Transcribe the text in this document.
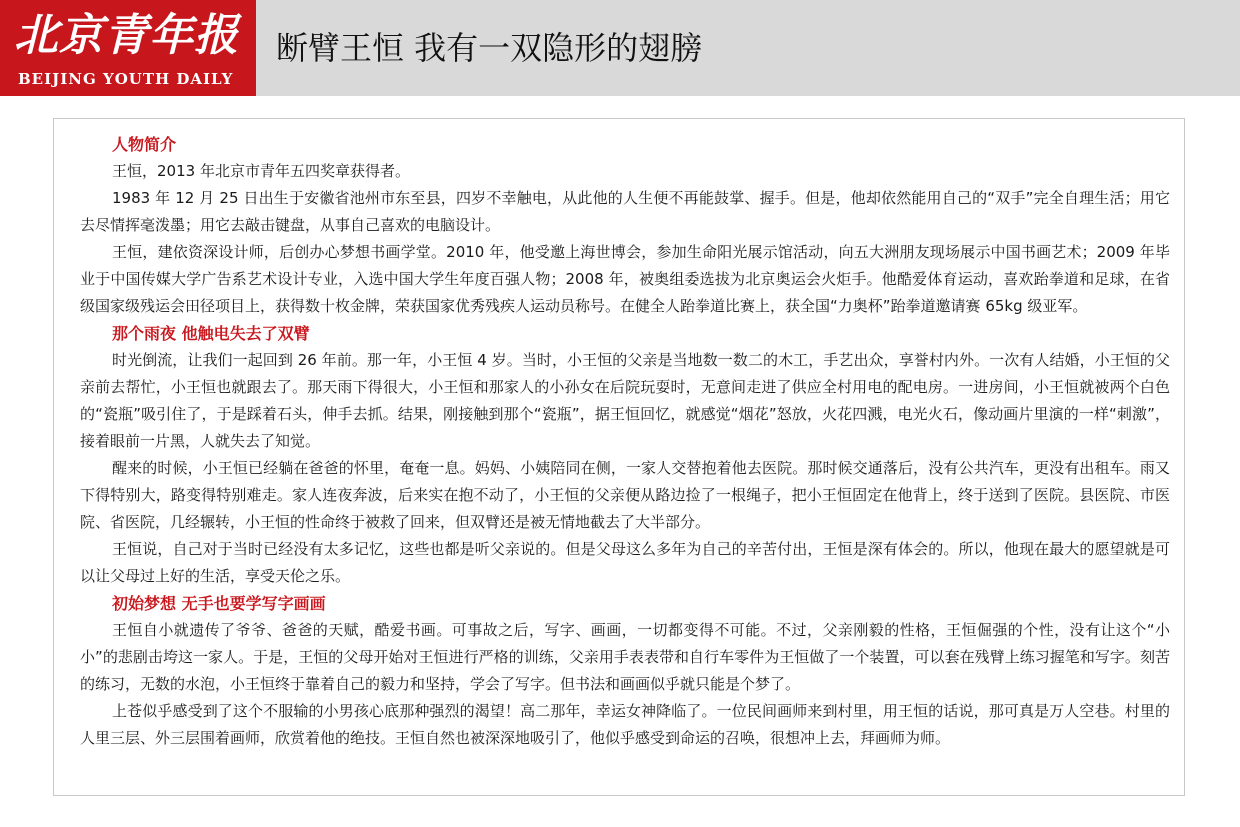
北京青年报
BEIJING YOUTH DAILY
断臂王恒 我有一双隐形的翅膀
人物简介

王恒，2013 年北京市青年五四奖章获得者。

1983 年 12 月 25 日出生于安徽省池州市东至县，四岁不幸触电，从此他的人生便不再能鼓掌、握手。但是，他却依然能用自己的“双手”完全自理生活；用它去尽情挥毫泼墨；用它去敲击键盘，从事自己喜欢的电脑设计。

王恒，建依资深设计师，后创办心梦想书画学堂。2010 年，他受邀上海世博会，参加生命阳光展示馆活动，向五大洲朋友现场展示中国书画艺术；2009 年毕业于中国传媒大学广告系艺术设计专业，入选中国大学生年度百强人物；2008 年，被奥组委选拔为北京奥运会火炬手。他酷爱体育运动，喜欢跆拳道和足球，在省级国家级残运会田径项目上，获得数十枚金牌，荣获国家优秀残疾人运动员称号。在健全人跆拳道比赛上，获全国“力奥杯”跆拳道邀请赛 65kg 级亚军。

那个雨夜 他触电失去了双臂

时光倒流，让我们一起回到 26 年前。那一年，小王恒 4 岁。当时，小王恒的父亲是当地数一数二的木工，手艺出众，享誉村内外。一次有人结婚，小王恒的父亲前去帮忙，小王恒也就跟去了。那天雨下得很大，小王恒和那家人的小孙女在后院玩耍时，无意间走进了供应全村用电的配电房。一进房间，小王恒就被两个白色的“瓷瓶”吸引住了，于是踩着石头，伸手去抓。结果，刚接触到那个“瓷瓶”，据王恒回忆，就感觉“烟花”怒放，火花四溅，电光火石，像动画片里演的一样“刺激”，接着眼前一片黑，人就失去了知觉。

醒来的时候，小王恒已经躺在爸爸的怀里，奄奄一息。妈妈、小姨陪同在侧，一家人交替抱着他去医院。那时候交通落后，没有公共汽车，更没有出租车。雨又下得特别大，路变得特别难走。家人连夜奔波，后来实在抱不动了，小王恒的父亲便从路边捡了一根绳子，把小王恒固定在他背上，终于送到了医院。县医院、市医院、省医院，几经辗转，小王恒的性命终于被救了回来，但双臂还是被无情地截去了大半部分。

王恒说，自己对于当时已经没有太多记忆，这些也都是听父亲说的。但是父母这么多年为自己的辛苦付出，王恒是深有体会的。所以，他现在最大的愿望就是可以让父母过上好的生活，享受天伦之乐。

初始梦想 无手也要学写字画画

王恒自小就遗传了爷爷、爸爸的天赋，酷爱书画。可事故之后，写字、画画，一切都变得不可能。不过，父亲刚毅的性格，王恒倔强的个性，没有让这个“小小”的悲剧击垮这一家人。于是，王恒的父母开始对王恒进行严格的训练，父亲用手表表带和自行车零件为王恒做了一个装置，可以套在残臂上练习握笔和写字。刻苦的练习，无数的水泡，小王恒终于靠着自己的毅力和坚持，学会了写字。但书法和画画似乎就只能是个梦了。

上苍似乎感受到了这个不服输的小男孩心底那种强烈的渴望！高二那年，幸运女神降临了。一位民间画师来到村里，用王恒的话说，那可真是万人空巷。村里的人里三层、外三层围着画师，欣赏着他的绝技。王恒自然也被深深地吸引了，他似乎感受到命运的召唤，很想冲上去，拜画师为师。
